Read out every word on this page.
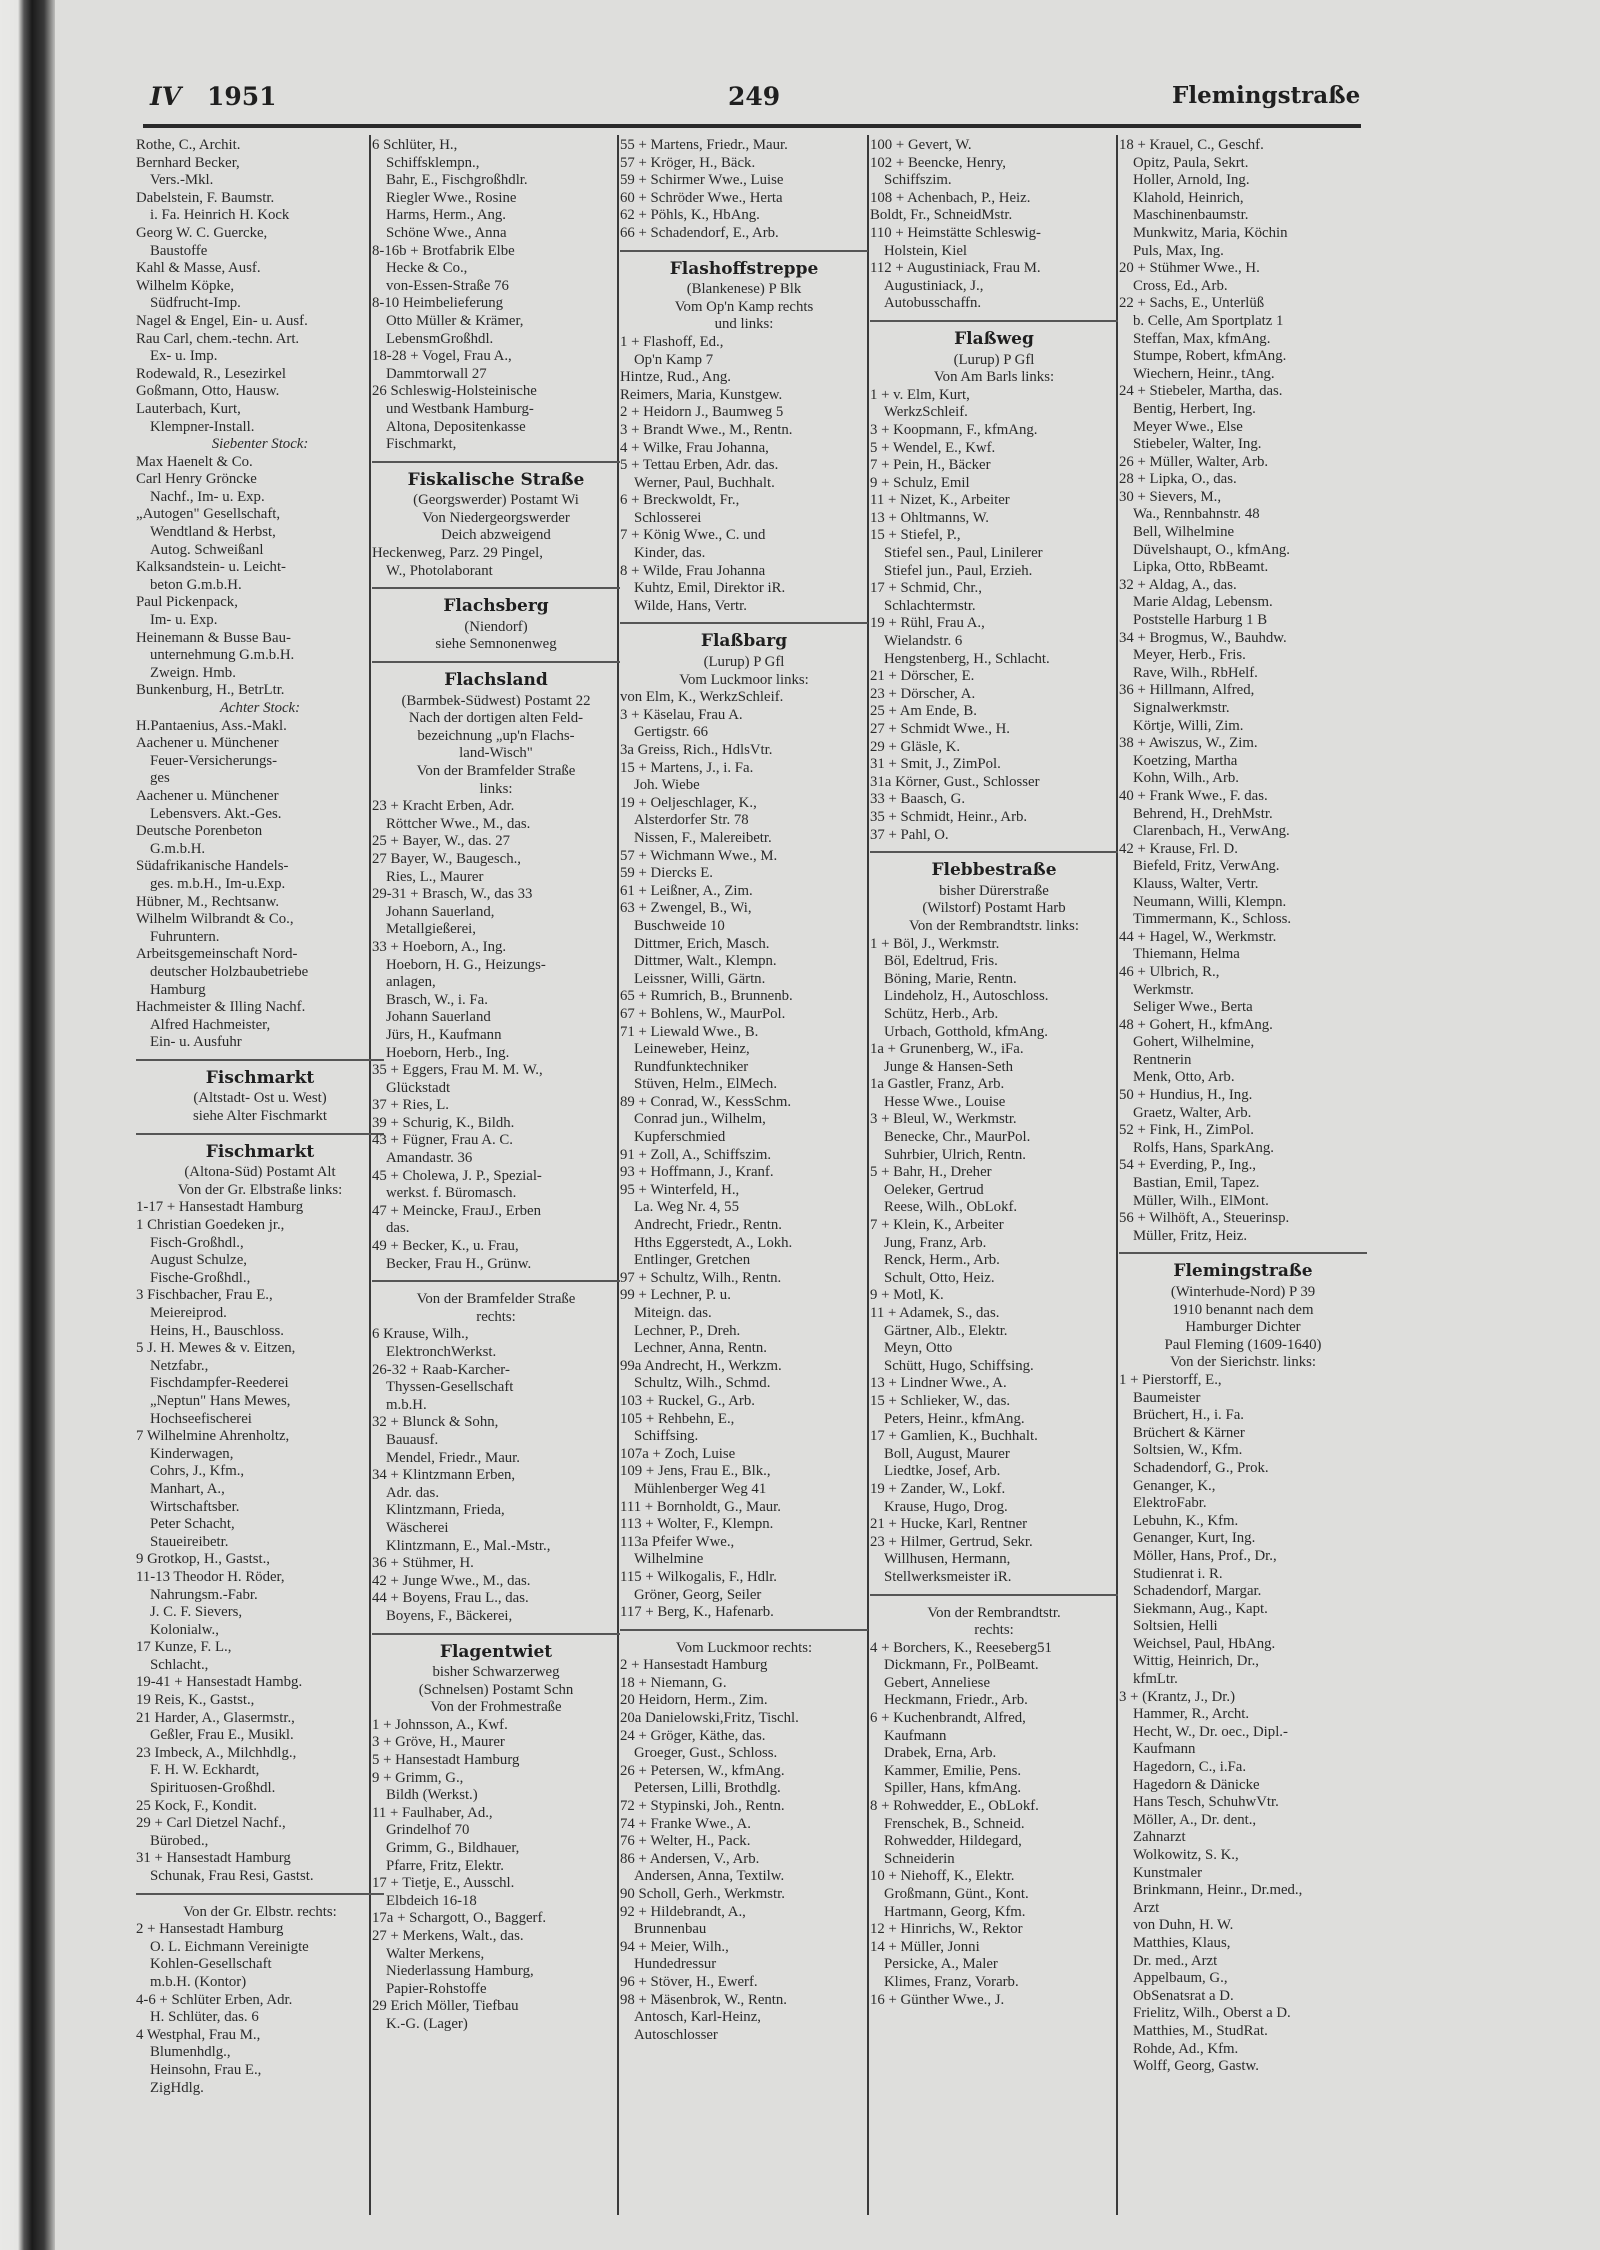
IV 1951	249	Flemingstraße
Rothe, C., Archit.
Bernhard Becker,
Vers.-Mkl.
Dabelstein, F. Baumstr.
i. Fa. Heinrich H. Kock
Georg W. C. Guercke,
Baustoffe
Kahl & Masse, Ausf.
Wilhelm Köpke,
Südfrucht-Imp.
Nagel & Engel, Ein- u. Ausf.
Rau Carl, chem.-techn. Art.
Ex- u. Imp.
Rodewald, R., Lesezirkel
Goßmann, Otto, Hausw.
Lauterbach, Kurt,
Klempner-Install.
Siebenter Stock:
Max Haenelt & Co.
Carl Henry Gröncke
Nachf., Im- u. Exp.
„Autogen" Gesellschaft,
Wendtland & Herbst,
Autog. Schweißanl
Kalksandstein- u. Leicht-
beton G.m.b.H.
Paul Pickenpack,
Im- u. Exp.
Heinemann & Busse Bau-
unternehmung G.m.b.H.
Zweign. Hmb.
Bunkenburg, H., BetrLtr.
Achter Stock:
H.Pantaenius, Ass.-Makl.
Aachener u. Münchener
Feuer-Versicherungs-
ges
Aachener u. Münchener
Lebensvers. Akt.-Ges.
Deutsche Porenbeton
G.m.b.H.
Südafrikanische Handels-
ges. m.b.H., Im-u.Exp.
Hübner, M., Rechtsanw.
Wilhelm Wilbrandt & Co.,
Fuhruntern.
Arbeitsgemeinschaft Nord-
deutscher Holzbaubetriebe
Hamburg
Hachmeister & Illing Nachf.
Alfred Hachmeister,
Ein- u. Ausfuhr
Fischmarkt
(Altstadt- Ost u. West)
siehe Alter Fischmarkt
Fischmarkt
(Altona-Süd) Postamt Alt
Von der Gr. Elbstraße links:
1-17 + Hansestadt Hamburg
1 Christian Goedeken jr.,
Fisch-Großhdl.,
August Schulze,
Fische-Großhdl.,
3 Fischbacher, Frau E.,
Meiereiprod.
Heins, H., Bauschloss.
5 J. H. Mewes & v. Eitzen,
Netzfabr.,
Fischdampfer-Reederei
„Neptun" Hans Mewes,
Hochseefischerei
7 Wilhelmine Ahrenholtz,
Kinderwagen,
Cohrs, J., Kfm.,
Manhart, A.,
Wirtschaftsber.
Peter Schacht,
Staueireibetr.
9 Grotkop, H., Gastst.,
11-13 Theodor H. Röder,
Nahrungsm.-Fabr.
J. C. F. Sievers,
Kolonialw.,
17 Kunze, F. L.,
Schlacht.,
19-41 + Hansestadt Hambg.
19 Reis, K., Gastst.,
21 Harder, A., Glasermstr.,
Geßler, Frau E., Musikl.
23 Imbeck, A., Milchhdlg.,
F. H. W. Eckhardt,
Spirituosen-Großhdl.
25 Kock, F., Kondit.
29 + Carl Dietzel Nachf.,
Bürobed.,
31 + Hansestadt Hamburg
Schunak, Frau Resi, Gastst.
Von der Gr. Elbstr. rechts:
2 + Hansestadt Hamburg
O. L. Eichmann Vereinigte
Kohlen-Gesellschaft
m.b.H. (Kontor)
4-6 + Schlüter Erben, Adr.
H. Schlüter, das. 6
4 Westphal, Frau M.,
Blumenhdlg.,
Heinsohn, Frau E.,
ZigHdlg.
6 Schlüter, H.,
Schiffsklempn.,
Bahr, E., Fischgroßhdlr.
Riegler Wwe., Rosine
Harms, Herm., Ang.
Schöne Wwe., Anna
8-16b + Brotfabrik Elbe
Hecke & Co.,
von-Essen-Straße 76
8-10 Heimbelieferung
Otto Müller & Krämer,
LebensmGroßhdl.
18-28 + Vogel, Frau A.,
Dammtorwall 27
26 Schleswig-Holsteinische
und Westbank Hamburg-
Altona, Depositenkasse
Fischmarkt,
Fiskalische Straße
(Georgswerder) Postamt Wi
Von Niedergeorgswerder
Deich abzweigend
Heckenweg, Parz. 29 Pingel,
W., Photolaborant
Flachsberg
(Niendorf)
siehe Semnonenweg
Flachsland
(Barmbek-Südwest) Postamt 22
Nach der dortigen alten Feld-
bezeichnung „up'n Flachs-
land-Wisch"
Von der Bramfelder Straße
links:
23 + Kracht Erben, Adr.
Röttcher Wwe., M., das.
25 + Bayer, W., das. 27
27 Bayer, W., Baugesch.,
Ries, L., Maurer
29-31 + Brasch, W., das 33
Johann Sauerland,
Metallgießerei,
33 + Hoeborn, A., Ing.
Hoeborn, H. G., Heizungs-
anlagen,
Brasch, W., i. Fa.
Johann Sauerland
Jürs, H., Kaufmann
Hoeborn, Herb., Ing.
35 + Eggers, Frau M. M. W.,
Glückstadt
37 + Ries, L.
39 + Schurig, K., Bildh.
43 + Fügner, Frau A. C.
Amandastr. 36
45 + Cholewa, J. P., Spezial-
werkst. f. Büromasch.
47 + Meincke, FrauJ., Erben
das.
49 + Becker, K., u. Frau,
Becker, Frau H., Grünw.
Von der Bramfelder Straße
rechts:
6 Krause, Wilh.,
ElektronchWerkst.
26-32 + Raab-Karcher-
Thyssen-Gesellschaft
m.b.H.
32 + Blunck & Sohn,
Bauausf.
Mendel, Friedr., Maur.
34 + Klintzmann Erben,
Adr. das.
Klintzmann, Frieda,
Wäscherei
Klintzmann, E., Mal.-Mstr.,
36 + Stühmer, H.
42 + Junge Wwe., M., das.
44 + Boyens, Frau L., das.
Boyens, F., Bäckerei,
Flagentwiet
bisher Schwarzerweg
(Schnelsen) Postamt Schn
Von der Frohmestraße
1 + Johnsson, A., Kwf.
3 + Gröve, H., Maurer
5 + Hansestadt Hamburg
9 + Grimm, G.,
Bildh (Werkst.)
11 + Faulhaber, Ad.,
Grindelhof 70
Grimm, G., Bildhauer,
Pfarre, Fritz, Elektr.
17 + Tietje, E., Ausschl.
Elbdeich 16-18
17a + Schargott, O., Baggerf.
27 + Merkens, Walt., das.
Walter Merkens,
Niederlassung Hamburg,
Papier-Rohstoffe
29 Erich Möller, Tiefbau
K.-G. (Lager)
55 + Martens, Friedr., Maur.
57 + Kröger, H., Bäck.
59 + Schirmer Wwe., Luise
60 + Schröder Wwe., Herta
62 + Pöhls, K., HbAng.
66 + Schadendorf, E., Arb.
Flashoffstreppe
(Blankenese) P Blk
Vom Op'n Kamp rechts
und links:
1 + Flashoff, Ed.,
Op'n Kamp 7
Hintze, Rud., Ang.
Reimers, Maria, Kunstgew.
2 + Heidorn J., Baumweg 5
3 + Brandt Wwe., M., Rentn.
4 + Wilke, Frau Johanna,
5 + Tettau Erben, Adr. das.
Werner, Paul, Buchhalt.
6 + Breckwoldt, Fr.,
Schlosserei
7 + König Wwe., C. und
Kinder, das.
8 + Wilde, Frau Johanna
Kuhtz, Emil, Direktor iR.
Wilde, Hans, Vertr.
Flaßbarg
(Lurup) P Gfl
Vom Luckmoor links:
von Elm, K., WerkzSchleif.
3 + Käselau, Frau A.
Gertigstr. 66
3a Greiss, Rich., HdlsVtr.
15 + Martens, J., i. Fa.
Joh. Wiebe
19 + Oeljeschlager, K.,
Alsterdorfer Str. 78
Nissen, F., Malereibetr.
57 + Wichmann Wwe., M.
59 + Diercks E.
61 + Leißner, A., Zim.
63 + Zwengel, B., Wi,
Buschweide 10
Dittmer, Erich, Masch.
Dittmer, Walt., Klempn.
Leissner, Willi, Gärtn.
65 + Rumrich, B., Brunnenb.
67 + Bohlens, W., MaurPol.
71 + Liewald Wwe., B.
Leineweber, Heinz,
Rundfunktechniker
Stüven, Helm., ElMech.
89 + Conrad, W., KessSchm.
Conrad jun., Wilhelm,
Kupferschmied
91 + Zoll, A., Schiffszim.
93 + Hoffmann, J., Kranf.
95 + Winterfeld, H.,
La. Weg Nr. 4, 55
Andrecht, Friedr., Rentn.
Hths Eggerstedt, A., Lokh.
Entlinger, Gretchen
97 + Schultz, Wilh., Rentn.
99 + Lechner, P. u.
Miteign. das.
Lechner, P., Dreh.
Lechner, Anna, Rentn.
99a Andrecht, H., Werkzm.
Schultz, Wilh., Schmd.
103 + Ruckel, G., Arb.
105 + Rehbehn, E.,
Schiffsing.
107a + Zoch, Luise
109 + Jens, Frau E., Blk.,
Mühlenberger Weg 41
111 + Bornholdt, G., Maur.
113 + Wolter, F., Klempn.
113a Pfeifer Wwe.,
Wilhelmine
115 + Wilkogalis, F., Hdlr.
Gröner, Georg, Seiler
117 + Berg, K., Hafenarb.
Vom Luckmoor rechts:
2 + Hansestadt Hamburg
18 + Niemann, G.
20 Heidorn, Herm., Zim.
20a Danielowski,Fritz, Tischl.
24 + Gröger, Käthe, das.
Groeger, Gust., Schloss.
26 + Petersen, W., kfmAng.
Petersen, Lilli, Brothdlg.
72 + Stypinski, Joh., Rentn.
74 + Franke Wwe., A.
76 + Welter, H., Pack.
86 + Andersen, V., Arb.
Andersen, Anna, Textilw.
90 Scholl, Gerh., Werkmstr.
92 + Hildebrandt, A.,
Brunnenbau
94 + Meier, Wilh.,
Hundedressur
96 + Stöver, H., Ewerf.
98 + Mäsenbrok, W., Rentn.
Antosch, Karl-Heinz,
Autoschlosser
100 + Gevert, W.
102 + Beencke, Henry,
Schiffszim.
108 + Achenbach, P., Heiz.
Boldt, Fr., SchneidMstr.
110 + Heimstätte Schleswig-
Holstein, Kiel
112 + Augustiniack, Frau M.
Augustiniack, J.,
Autobusschaffn.
Flaßweg
(Lurup) P Gfl
Von Am Barls links:
1 + v. Elm, Kurt,
WerkzSchleif.
3 + Koopmann, F., kfmAng.
5 + Wendel, E., Kwf.
7 + Pein, H., Bäcker
9 + Schulz, Emil
11 + Nizet, K., Arbeiter
13 + Ohltmanns, W.
15 + Stiefel, P.,
Stiefel sen., Paul, Linilerer
Stiefel jun., Paul, Erzieh.
17 + Schmid, Chr.,
Schlachtermstr.
19 + Rühl, Frau A.,
Wielandstr. 6
Hengstenberg, H., Schlacht.
21 + Dörscher, E.
23 + Dörscher, A.
25 + Am Ende, B.
27 + Schmidt Wwe., H.
29 + Gläsle, K.
31 + Smit, J., ZimPol.
31a Körner, Gust., Schlosser
33 + Baasch, G.
35 + Schmidt, Heinr., Arb.
37 + Pahl, O.
Flebbestraße
bisher Dürerstraße
(Wilstorf) Postamt Harb
Von der Rembrandtstr. links:
1 + Böl, J., Werkmstr.
Böl, Edeltrud, Fris.
Böning, Marie, Rentn.
Lindeholz, H., Autoschloss.
Schütz, Herb., Arb.
Urbach, Gotthold, kfmAng.
1a + Grunenberg, W., iFa.
Junge & Hansen-Seth
1a Gastler, Franz, Arb.
Hesse Wwe., Louise
3 + Bleul, W., Werkmstr.
Benecke, Chr., MaurPol.
Suhrbier, Ulrich, Rentn.
5 + Bahr, H., Dreher
Oeleker, Gertrud
Reese, Wilh., ObLokf.
7 + Klein, K., Arbeiter
Jung, Franz, Arb.
Renck, Herm., Arb.
Schult, Otto, Heiz.
9 + Motl, K.
11 + Adamek, S., das.
Gärtner, Alb., Elektr.
Meyn, Otto
Schütt, Hugo, Schiffsing.
13 + Lindner Wwe., A.
15 + Schlieker, W., das.
Peters, Heinr., kfmAng.
17 + Gamlien, K., Buchhalt.
Boll, August, Maurer
Liedtke, Josef, Arb.
19 + Zander, W., Lokf.
Krause, Hugo, Drog.
21 + Hucke, Karl, Rentner
23 + Hilmer, Gertrud, Sekr.
Willhusen, Hermann,
Stellwerksmeister iR.
Von der Rembrandtstr.
rechts:
4 + Borchers, K., Reeseberg51
Dickmann, Fr., PolBeamt.
Gebert, Anneliese
Heckmann, Friedr., Arb.
6 + Kuchenbrandt, Alfred,
Kaufmann
Drabek, Erna, Arb.
Kammer, Emilie, Pens.
Spiller, Hans, kfmAng.
8 + Rohwedder, E., ObLokf.
Frenschek, B., Schneid.
Rohwedder, Hildegard,
Schneiderin
10 + Niehoff, K., Elektr.
Großmann, Günt., Kont.
Hartmann, Georg, Kfm.
12 + Hinrichs, W., Rektor
14 + Müller, Jonni
Persicke, A., Maler
Klimes, Franz, Vorarb.
16 + Günther Wwe., J.
18 + Krauel, C., Geschf.
Opitz, Paula, Sekrt.
Holler, Arnold, Ing.
Klahold, Heinrich,
Maschinenbaumstr.
Munkwitz, Maria, Köchin
Puls, Max, Ing.
20 + Stühmer Wwe., H.
Cross, Ed., Arb.
22 + Sachs, E., Unterlüß
b. Celle, Am Sportplatz 1
Steffan, Max, kfmAng.
Stumpe, Robert, kfmAng.
Wiechern, Heinr., tAng.
24 + Stiebeler, Martha, das.
Bentig, Herbert, Ing.
Meyer Wwe., Else
Stiebeler, Walter, Ing.
26 + Müller, Walter, Arb.
28 + Lipka, O., das.
30 + Sievers, M.,
Wa., Rennbahnstr. 48
Bell, Wilhelmine
Düvelshaupt, O., kfmAng.
Lipka, Otto, RbBeamt.
32 + Aldag, A., das.
Marie Aldag, Lebensm.
Poststelle Harburg 1 B
34 + Brogmus, W., Bauhdw.
Meyer, Herb., Fris.
Rave, Wilh., RbHelf.
36 + Hillmann, Alfred,
Signalwerkmstr.
Körtje, Willi, Zim.
38 + Awiszus, W., Zim.
Koetzing, Martha
Kohn, Wilh., Arb.
40 + Frank Wwe., F. das.
Behrend, H., DrehMstr.
Clarenbach, H., VerwAng.
42 + Krause, Frl. D.
Biefeld, Fritz, VerwAng.
Klauss, Walter, Vertr.
Neumann, Willi, Klempn.
Timmermann, K., Schloss.
44 + Hagel, W., Werkmstr.
Thiemann, Helma
46 + Ulbrich, R.,
Werkmstr.
Seliger Wwe., Berta
48 + Gohert, H., kfmAng.
Gohert, Wilhelmine,
Rentnerin
Menk, Otto, Arb.
50 + Hundius, H., Ing.
Graetz, Walter, Arb.
52 + Fink, H., ZimPol.
Rolfs, Hans, SparkAng.
54 + Everding, P., Ing.,
Bastian, Emil, Tapez.
Müller, Wilh., ElMont.
56 + Wilhöft, A., Steuerinsp.
Müller, Fritz, Heiz.
Flemingstraße
(Winterhude-Nord) P 39
1910 benannt nach dem
Hamburger Dichter
Paul Fleming (1609-1640)
Von der Sierichstr. links:
1 + Pierstorff, E.,
Baumeister
Brüchert, H., i. Fa.
Brüchert & Kärner
Soltsien, W., Kfm.
Schadendorf, G., Prok.
Genanger, K.,
ElektroFabr.
Lebuhn, K., Kfm.
Genanger, Kurt, Ing.
Möller, Hans, Prof., Dr.,
Studienrat i. R.
Schadendorf, Margar.
Siekmann, Aug., Kapt.
Soltsien, Helli
Weichsel, Paul, HbAng.
Wittig, Heinrich, Dr.,
kfmLtr.
3 + (Krantz, J., Dr.)
Hammer, R., Archt.
Hecht, W., Dr. oec., Dipl.-
Kaufmann
Hagedorn, C., i.Fa.
Hagedorn & Dänicke
Hans Tesch, SchuhwVtr.
Möller, A., Dr. dent.,
Zahnarzt
Wolkowitz, S. K.,
Kunstmaler
Brinkmann, Heinr., Dr.med.,
Arzt
von Duhn, H. W.
Matthies, Klaus,
Dr. med., Arzt
Appelbaum, G.,
ObSenatsrat a D.
Frielitz, Wilh., Oberst a D.
Matthies, M., StudRat.
Rohde, Ad., Kfm.
Wolff, Georg, Gastw.
